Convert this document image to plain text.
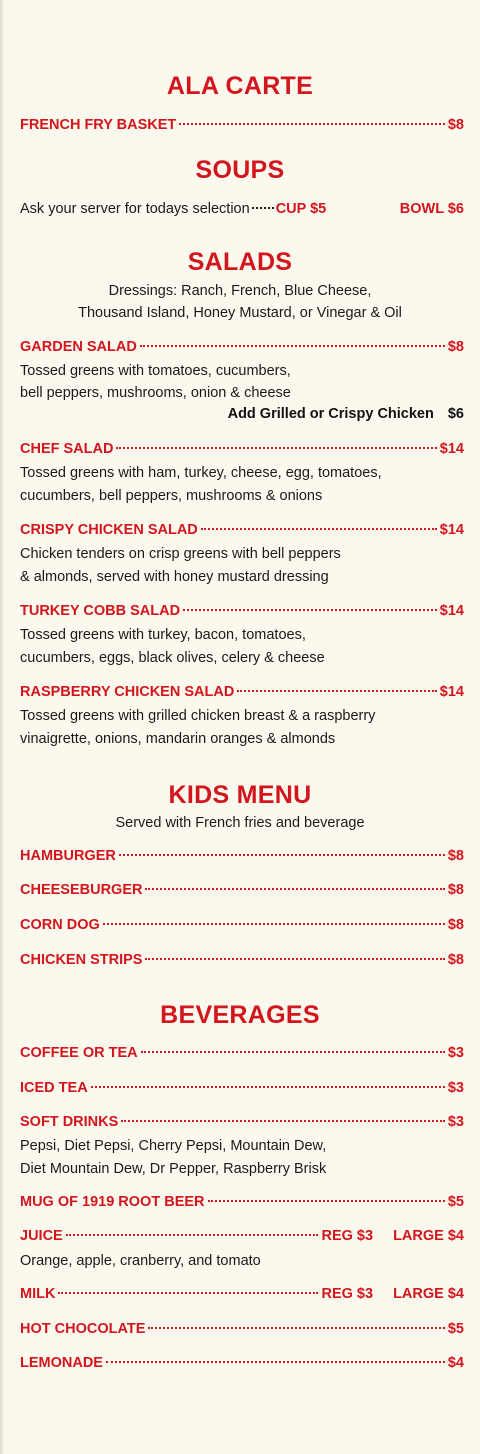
ALA CARTE
FRENCH FRY BASKET	$8
SOUPS
Ask your server for todays selection CUP $5	BOWL $6
SALADS
Dressings: Ranch, French, Blue Cheese,
Thousand Island, Honey Mustard, or Vinegar & Oil
GARDEN SALAD	$8
Tossed greens with tomatoes, cucumbers,
bell peppers, mushrooms, onion & cheese
Add Grilled or Crispy Chicken $6
CHEF SALAD	$14
Tossed greens with ham, turkey, cheese, egg, tomatoes,
cucumbers, bell peppers, mushrooms & onions
CRISPY CHICKEN SALAD	$14
Chicken tenders on crisp greens with bell peppers
& almonds, served with honey mustard dressing
TURKEY COBB SALAD	$14
Tossed greens with turkey, bacon, tomatoes,
cucumbers, eggs, black olives, celery & cheese
RASPBERRY CHICKEN SALAD	$14
Tossed greens with grilled chicken breast & a raspberry
vinaigrette, onions, mandarin oranges & almonds
KIDS MENU
Served with French fries and beverage
HAMBURGER	$8
CHEESEBURGER	$8
CORN DOG	$8
CHICKEN STRIPS	$8
BEVERAGES
COFFEE OR TEA	$3
ICED TEA	$3
SOFT DRINKS	$3
Pepsi, Diet Pepsi, Cherry Pepsi, Mountain Dew,
Diet Mountain Dew, Dr Pepper, Raspberry Brisk
MUG OF 1919 ROOT BEER	$5
JUICE	REG $3 LARGE $4
Orange, apple, cranberry, and tomato
MILK	REG $3 LARGE $4
HOT CHOCOLATE	$5
LEMONADE	$4
